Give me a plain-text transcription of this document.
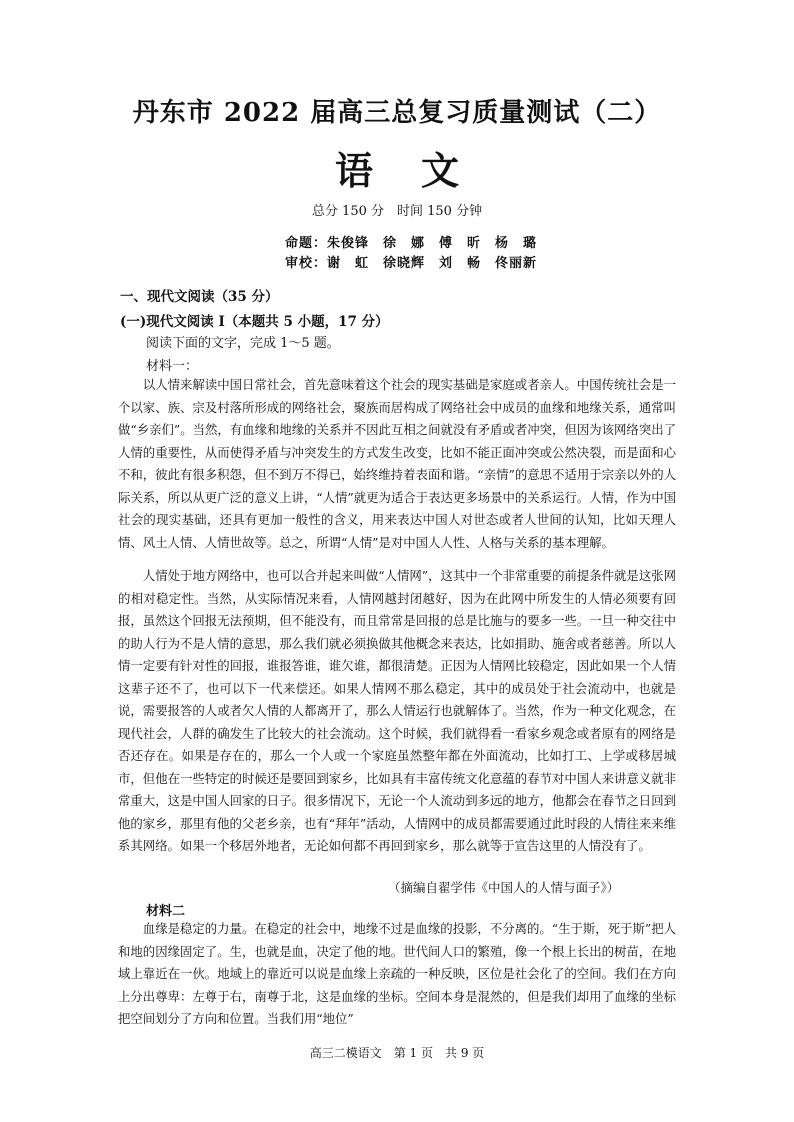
丹东市 2022 届高三总复习质量测试（二）
语文
总分 150 分　时间 150 分钟
命题：朱俊锋　徐　娜　傅　昕　杨　璐
审校：谢　虹　徐晓辉　刘　畅　佟丽新
一、现代文阅读（35 分）
(一)现代文阅读 I（本题共 5 小题，17 分）
阅读下面的文字，完成 1～5 题。
材料一：

以人情来解读中国日常社会，首先意味着这个社会的现实基础是家庭或者亲人。中国传统社会是一个以家、族、宗及村落所形成的网络社会，聚族而居构成了网络社会中成员的血缘和地缘关系，通常叫做“乡亲们”。当然，有血缘和地缘的关系并不因此互相之间就没有矛盾或者冲突，但因为该网络突出了人情的重要性，从而使得矛盾与冲突发生的方式发生改变，比如不能正面冲突或公然决裂，而是面和心不和，彼此有很多积怨，但不到万不得已，始终维持着表面和谐。“亲情”的意思不适用于宗亲以外的人际关系，所以从更广泛的意义上讲，“人情”就更为适合于表达更多场景中的关系运行。人情，作为中国社会的现实基础，还具有更加一般性的含义，用来表达中国人对世态或者人世间的认知，比如天理人情、风土人情、人情世故等。总之，所谓“人情”是对中国人人性、人格与关系的基本理解。

人情处于地方网络中，也可以合并起来叫做“人情网”，这其中一个非常重要的前提条件就是这张网的相对稳定性。当然，从实际情况来看，人情网越封闭越好，因为在此网中所发生的人情必须要有回报，虽然这个回报无法预期，但不能没有，而且常常是回报的总是比施与的要多一些。一旦一种交往中的助人行为不是人情的意思，那么我们就必须换做其他概念来表达，比如捐助、施舍或者慈善。所以人情一定要有针对性的回报，谁报答谁，谁欠谁，都很清楚。正因为人情网比较稳定，因此如果一个人情这辈子还不了，也可以下一代来偿还。如果人情网不那么稳定，其中的成员处于社会流动中，也就是说，需要报答的人或者欠人情的人都离开了，那么人情运行也就解体了。当然，作为一种文化观念，在现代社会，人群的确发生了比较大的社会流动。这个时候，我们就得看一看家乡观念或者原有的网络是否还存在。如果是存在的，那么一个人或一个家庭虽然整年都在外面流动，比如打工、上学或移居城市，但他在一些特定的时候还是要回到家乡，比如具有丰富传统文化意蕴的春节对中国人来讲意义就非常重大，这是中国人回家的日子。很多情况下，无论一个人流动到多远的地方，他都会在春节之日回到他的家乡，那里有他的父老乡亲，也有“拜年”活动，人情网中的成员都需要通过此时段的人情往来来维系其网络。如果一个移居外地者，无论如何都不再回到家乡，那么就等于宣告这里的人情没有了。

（摘编自翟学伟《中国人的人情与面子》）
材料二

血缘是稳定的力量。在稳定的社会中，地缘不过是血缘的投影，不分离的。“生于斯，死于斯”把人和地的因缘固定了。生，也就是血，决定了他的地。世代间人口的繁殖，像一个根上长出的树苗，在地域上靠近在一伙。地域上的靠近可以说是血缘上亲疏的一种反映，区位是社会化了的空间。我们在方向上分出尊卑：左尊于右，南尊于北，这是血缘的坐标。空间本身是混然的，但是我们却用了血缘的坐标把空间划分了方向和位置。当我们用“地位”

高三二模语文　第 1 页　共 9 页
